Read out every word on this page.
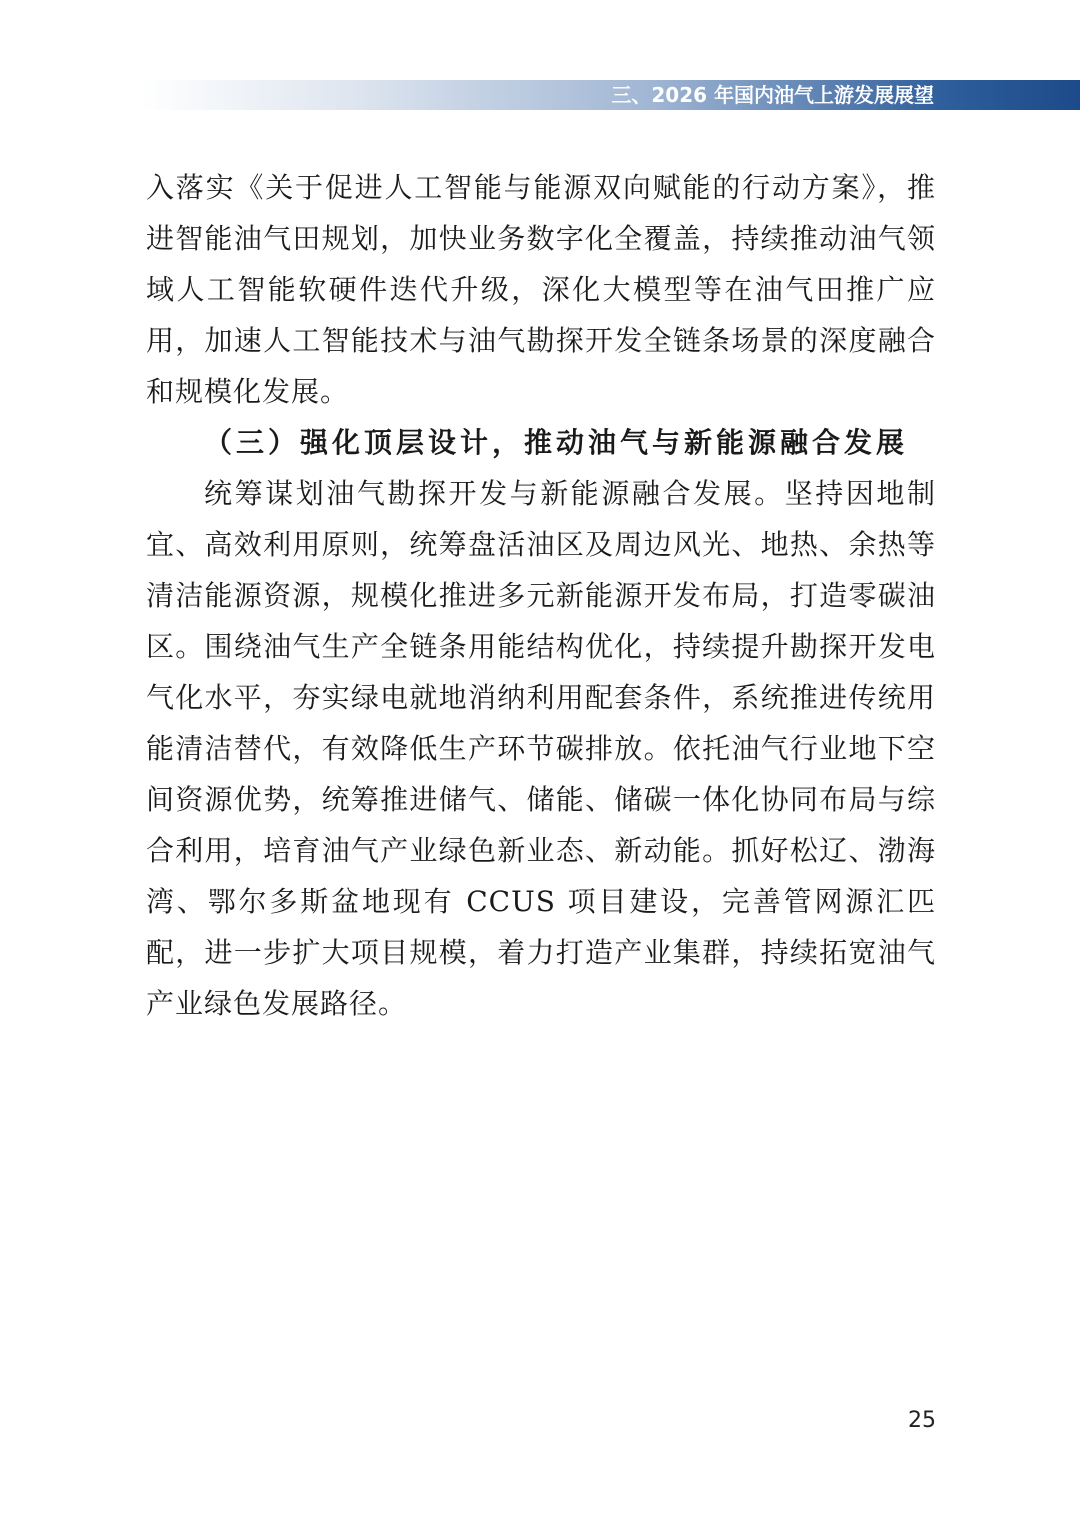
三、2026 年国内油气上游发展展望

入落实《关于促进人工智能与能源双向赋能的行动方案》，推进智能油气田规划，加快业务数字化全覆盖，持续推动油气领域人工智能软硬件迭代升级，深化大模型等在油气田推广应用，加速人工智能技术与油气勘探开发全链条场景的深度融合和规模化发展。

（三）强化顶层设计，推动油气与新能源融合发展

统筹谋划油气勘探开发与新能源融合发展。坚持因地制宜、高效利用原则，统筹盘活油区及周边风光、地热、余热等清洁能源资源，规模化推进多元新能源开发布局，打造零碳油区。围绕油气生产全链条用能结构优化，持续提升勘探开发电气化水平，夯实绿电就地消纳利用配套条件，系统推进传统用能清洁替代，有效降低生产环节碳排放。依托油气行业地下空间资源优势，统筹推进储气、储能、储碳一体化协同布局与综合利用，培育油气产业绿色新业态、新动能。抓好松辽、渤海湾、鄂尔多斯盆地现有 CCUS 项目建设，完善管网源汇匹配，进一步扩大项目规模，着力打造产业集群，持续拓宽油气产业绿色发展路径。

25
